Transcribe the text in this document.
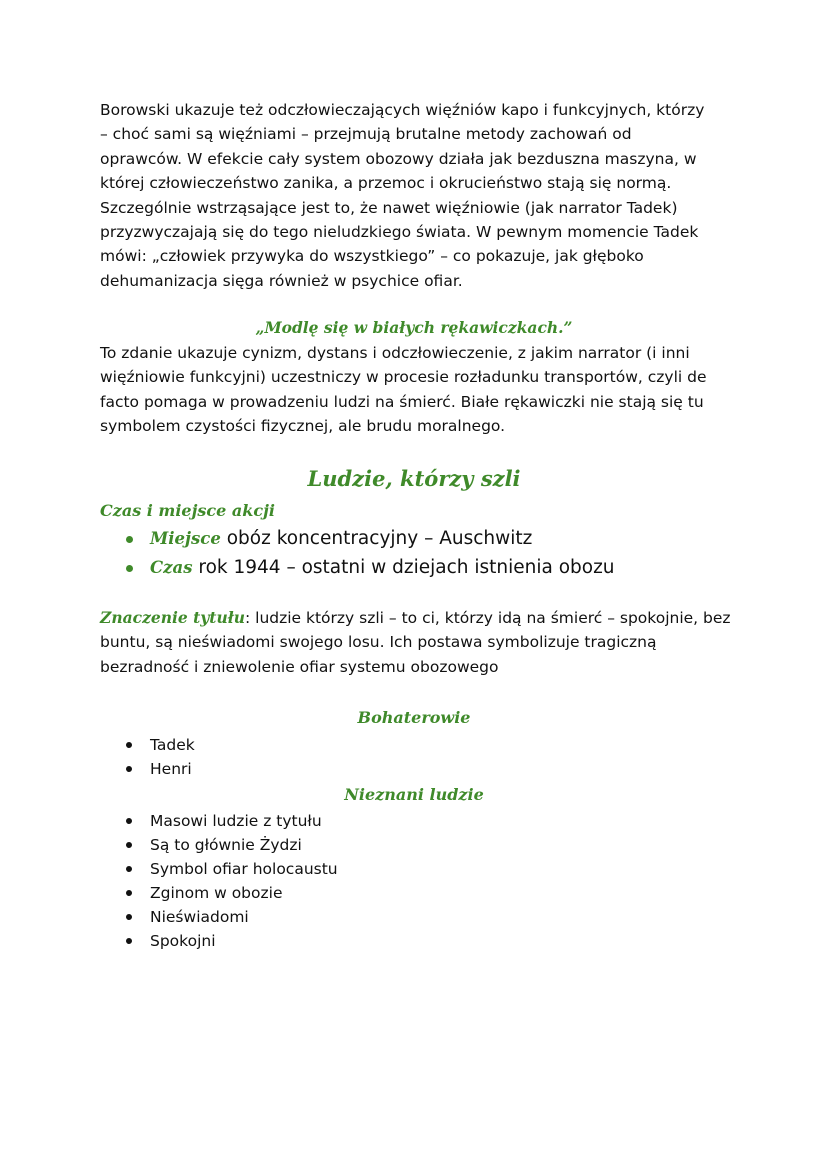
Borowski ukazuje też odczłowieczających więźniów kapo i funkcyjnych, którzy
– choć sami są więźniami – przejmują brutalne metody zachowań od
oprawców. W efekcie cały system obozowy działa jak bezduszna maszyna, w
której człowieczeństwo zanika, a przemoc i okrucieństwo stają się normą.
Szczególnie wstrząsające jest to, że nawet więźniowie (jak narrator Tadek)
przyzwyczajają się do tego nieludzkiego świata. W pewnym momencie Tadek
mówi: „człowiek przywyka do wszystkiego” – co pokazuje, jak głęboko
dehumanizacja sięga również w psychice ofiar.

„Modlę się w białych rękawiczkach.”

To zdanie ukazuje cynizm, dystans i odczłowieczenie, z jakim narrator (i inni
więźniowie funkcyjni) uczestniczy w procesie rozładunku transportów, czyli de
facto pomaga w prowadzeniu ludzi na śmierć. Białe rękawiczki nie stają się tu
symbolem czystości fizycznej, ale brudu moralnego.
Ludzie, którzy szli
Czas i miejsce akcji
Miejsce obóz koncentracyjny – Auschwitz
Czas rok 1944 – ostatni w dziejach istnienia obozu
Znaczenie tytułu: ludzie którzy szli – to ci, którzy idą na śmierć – spokojnie, bez
buntu, są nieświadomi swojego losu. Ich postawa symbolizuje tragiczną
bezradność i zniewolenie ofiar systemu obozowego
Bohaterowie
Tadek
Henri
Nieznani ludzie
Masowi ludzie z tytułu
Są to głównie Żydzi
Symbol ofiar holocaustu
Zginom w obozie
Nieświadomi
Spokojni
